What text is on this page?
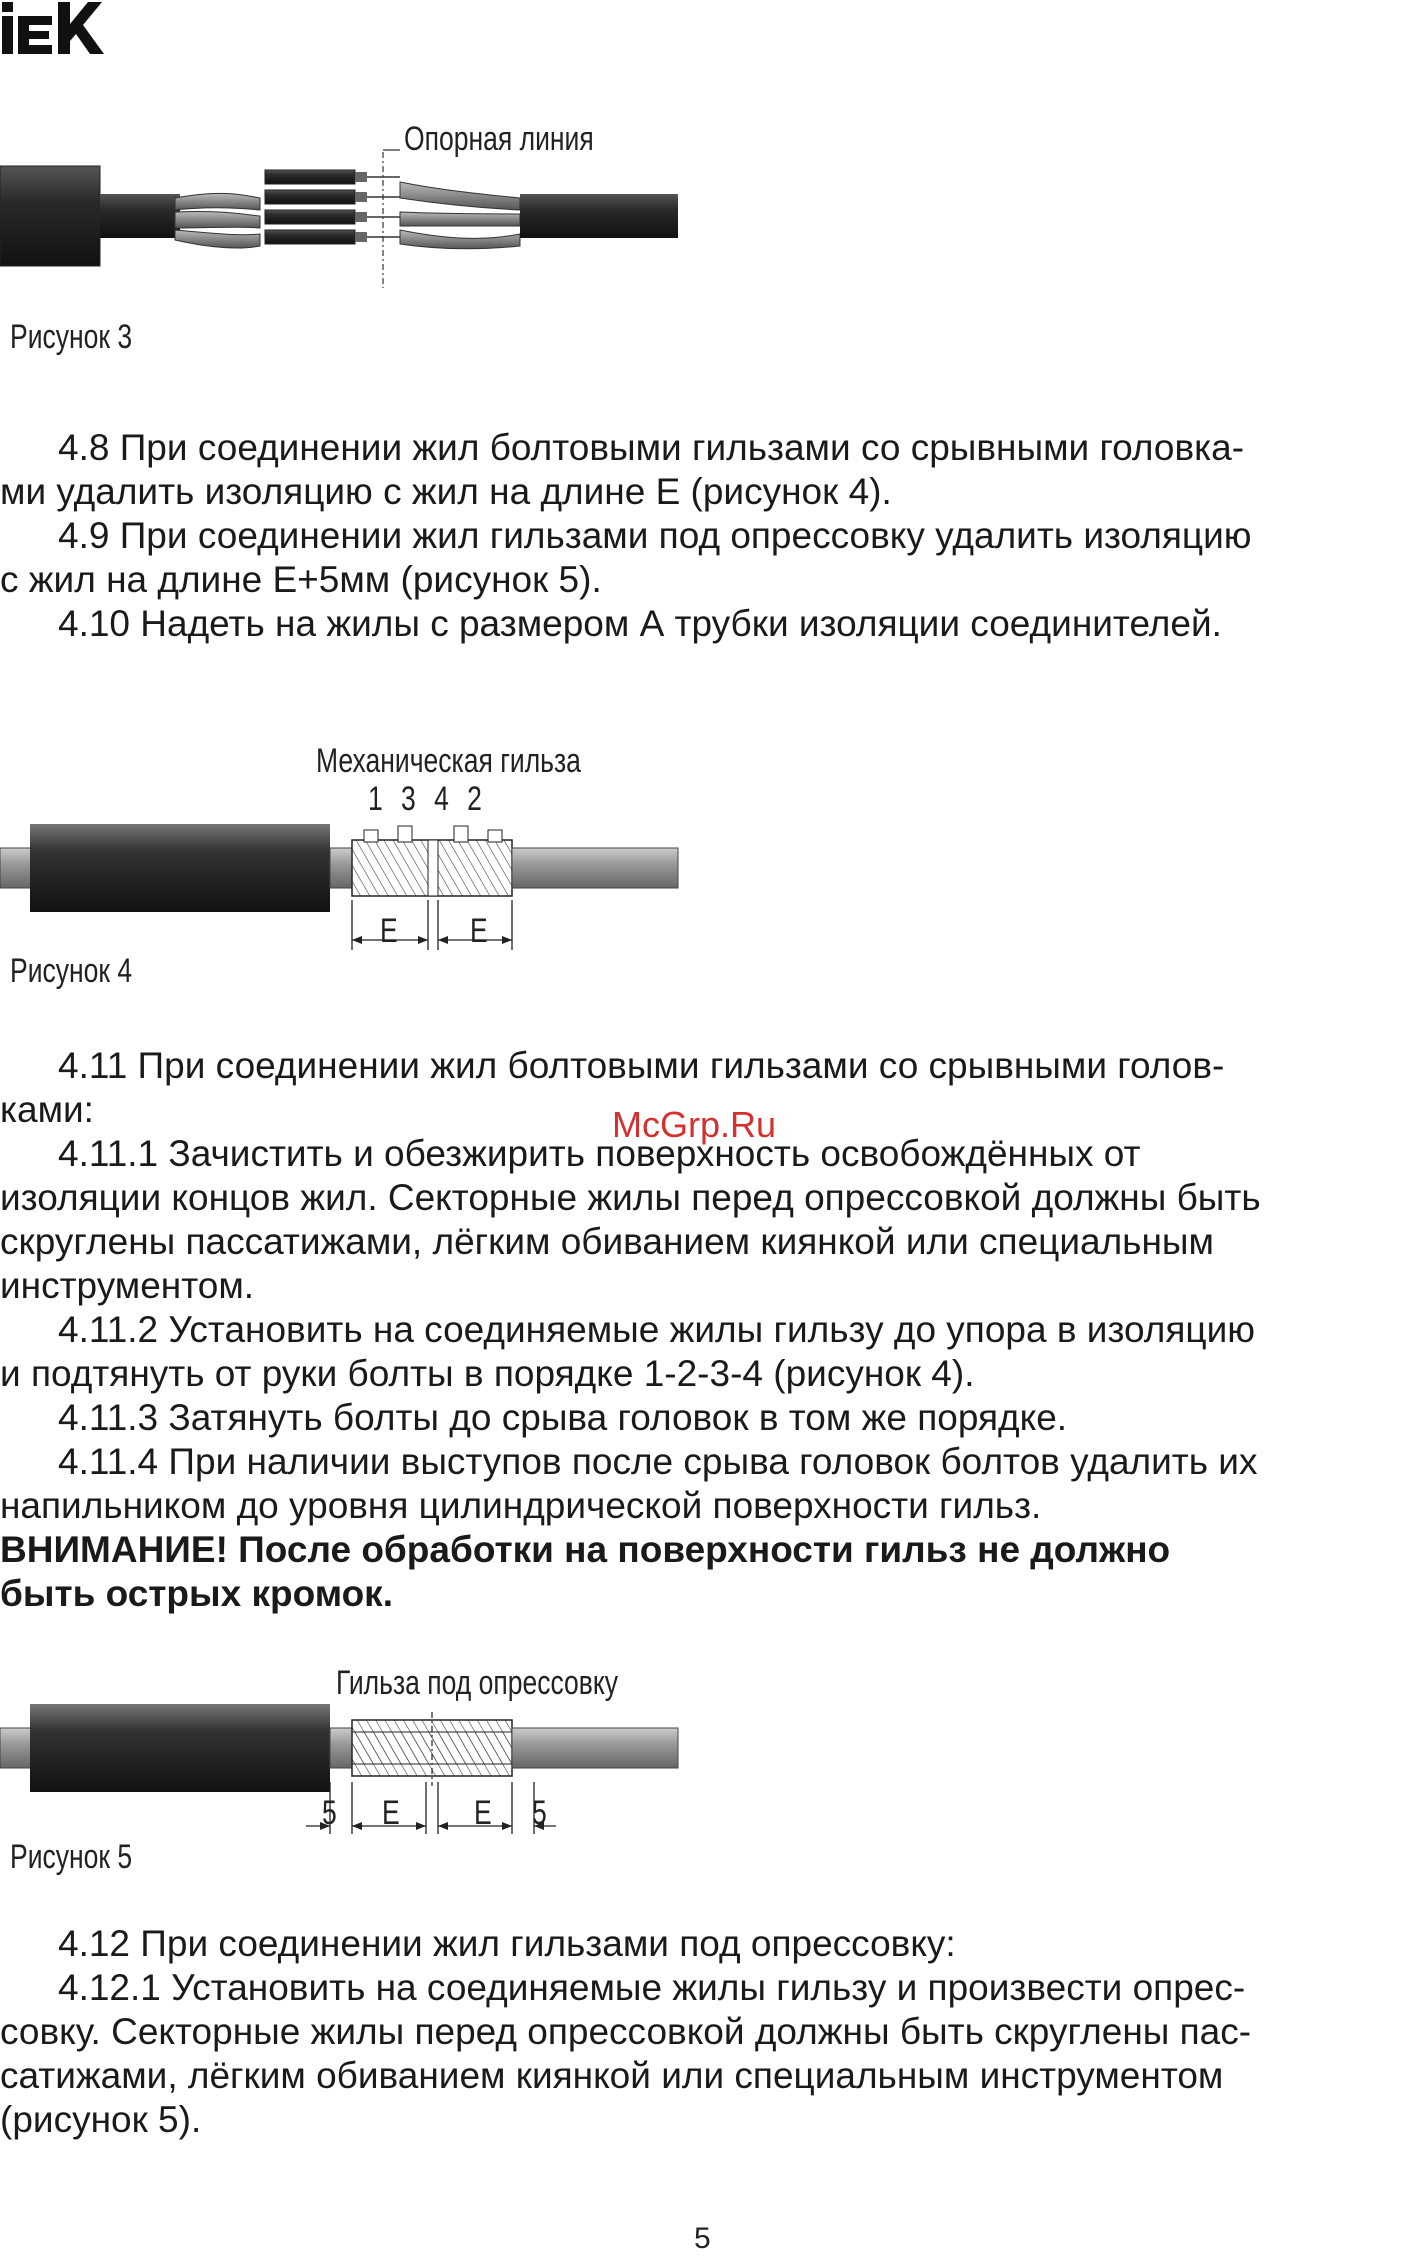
Опорная линия
Рисунок 3
4.8 При соединении жил болтовыми гильзами со срывными головка-
ми удалить изоляцию с жил на длине Е (рисунок 4).
4.9 При соединении жил гильзами под опрессовку удалить изоляцию
с жил на длине Е+5мм (рисунок 5).
4.10 Надеть на жилы с размером А трубки изоляции соединителей.
Механическая гильза
1 3 4 2
Е Е
Рисунок 4
4.11 При соединении жил болтовыми гильзами со срывными голов-
ками:
4.11.1 Зачистить и обезжирить поверхность освобождённых от
изоляции концов жил. Секторные жилы перед опрессовкой должны быть
скруглены пассатижами, лёгким обиванием киянкой или специальным
инструментом.
4.11.2 Установить на соединяемые жилы гильзу до упора в изоляцию
и подтянуть от руки болты в порядке 1-2-3-4 (рисунок 4).
4.11.3 Затянуть болты до срыва головок в том же порядке.
4.11.4 При наличии выступов после срыва головок болтов удалить их
напильником до уровня цилиндрической поверхности гильз.
ВНИМАНИЕ! После обработки на поверхности гильз не должно
быть острых кромок.
McGrp.Ru
Гильза под опрессовку
5 Е Е 5
Рисунок 5
4.12 При соединении жил гильзами под опрессовку:
4.12.1 Установить на соединяемые жилы гильзу и произвести опрес-
совку. Секторные жилы перед опрессовкой должны быть скруглены пас-
сатижами, лёгким обиванием киянкой или специальным инструментом
(рисунок 5).
5
